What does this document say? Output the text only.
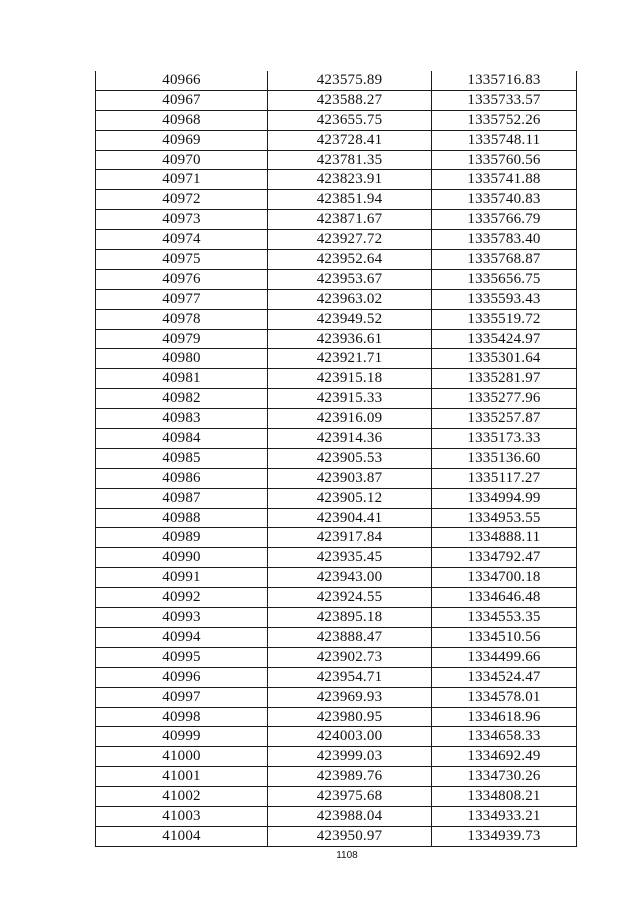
40966	423575.89	1335716.83
40967	423588.27	1335733.57
40968	423655.75	1335752.26
40969	423728.41	1335748.11
40970	423781.35	1335760.56
40971	423823.91	1335741.88
40972	423851.94	1335740.83
40973	423871.67	1335766.79
40974	423927.72	1335783.40
40975	423952.64	1335768.87
40976	423953.67	1335656.75
40977	423963.02	1335593.43
40978	423949.52	1335519.72
40979	423936.61	1335424.97
40980	423921.71	1335301.64
40981	423915.18	1335281.97
40982	423915.33	1335277.96
40983	423916.09	1335257.87
40984	423914.36	1335173.33
40985	423905.53	1335136.60
40986	423903.87	1335117.27
40987	423905.12	1334994.99
40988	423904.41	1334953.55
40989	423917.84	1334888.11
40990	423935.45	1334792.47
40991	423943.00	1334700.18
40992	423924.55	1334646.48
40993	423895.18	1334553.35
40994	423888.47	1334510.56
40995	423902.73	1334499.66
40996	423954.71	1334524.47
40997	423969.93	1334578.01
40998	423980.95	1334618.96
40999	424003.00	1334658.33
41000	423999.03	1334692.49
41001	423989.76	1334730.26
41002	423975.68	1334808.21
41003	423988.04	1334933.21
41004	423950.97	1334939.73
1108
